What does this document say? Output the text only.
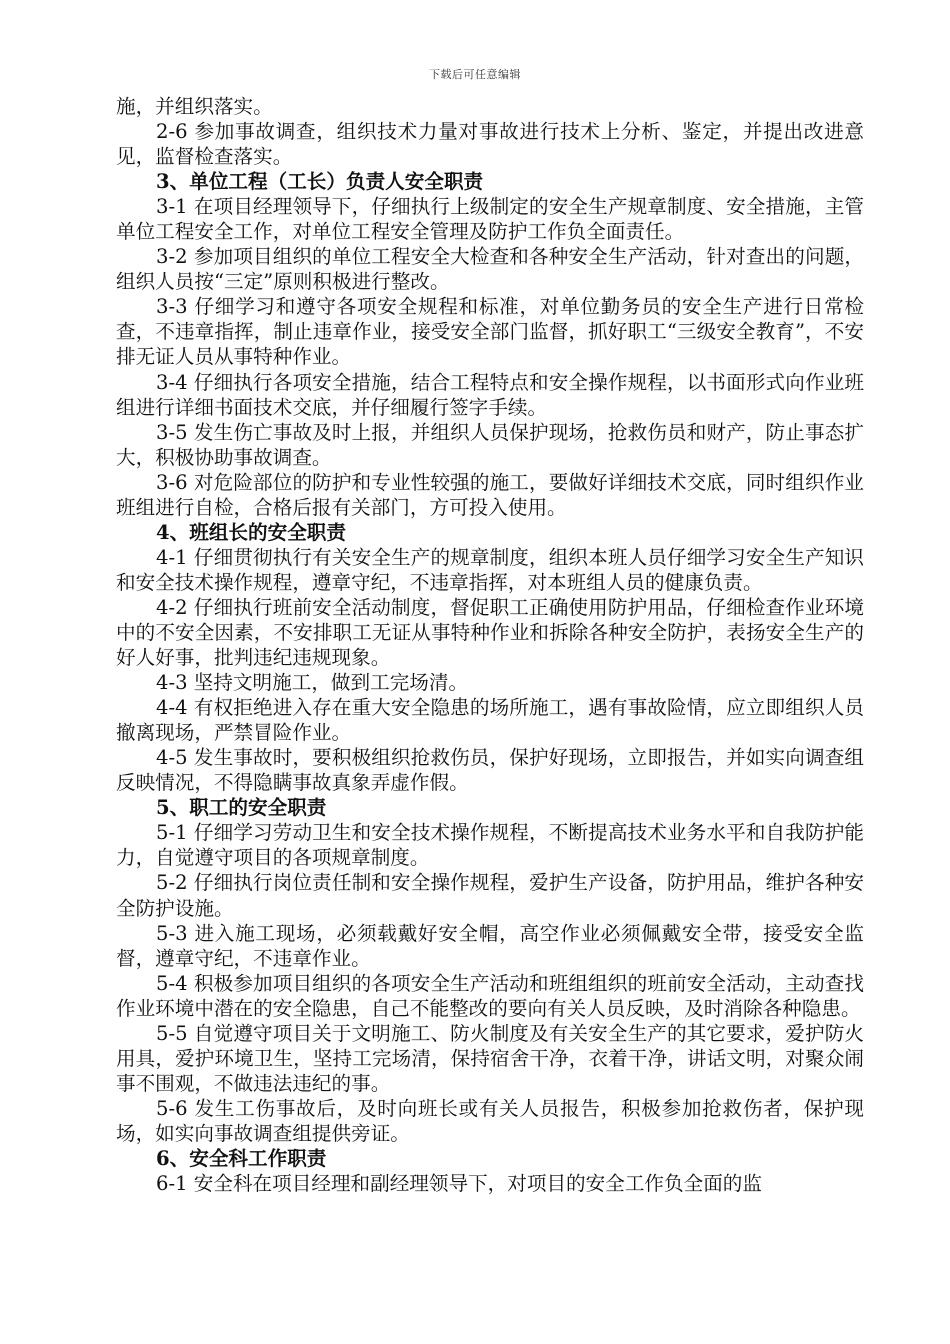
下载后可任意编辑

施，并组织落实。

2-6 参加事故调查，组织技术力量对事故进行技术上分析、鉴定，并提出改进意见，监督检查落实。

3、单位工程（工长）负责人安全职责

3-1 在项目经理领导下，仔细执行上级制定的安全生产规章制度、安全措施，主管单位工程安全工作，对单位工程安全管理及防护工作负全面责任。

3-2 参加项目组织的单位工程安全大检查和各种安全生产活动，针对查出的问题，组织人员按“三定”原则积极进行整改。

3-3 仔细学习和遵守各项安全规程和标准，对单位勤务员的安全生产进行日常检查，不违章指挥，制止违章作业，接受安全部门监督，抓好职工“三级安全教育”，不安排无证人员从事特种作业。

3-4 仔细执行各项安全措施，结合工程特点和安全操作规程，以书面形式向作业班组进行详细书面技术交底，并仔细履行签字手续。

3-5 发生伤亡事故及时上报，并组织人员保护现场，抢救伤员和财产，防止事态扩大，积极协助事故调查。

3-6 对危险部位的防护和专业性较强的施工，要做好详细技术交底，同时组织作业班组进行自检，合格后报有关部门，方可投入使用。

4、班组长的安全职责

4-1 仔细贯彻执行有关安全生产的规章制度，组织本班人员仔细学习安全生产知识和安全技术操作规程，遵章守纪，不违章指挥，对本班组人员的健康负责。

4-2 仔细执行班前安全活动制度，督促职工正确使用防护用品，仔细检查作业环境中的不安全因素，不安排职工无证从事特种作业和拆除各种安全防护，表扬安全生产的好人好事，批判违纪违规现象。

4-3 坚持文明施工，做到工完场清。

4-4 有权拒绝进入存在重大安全隐患的场所施工，遇有事故险情，应立即组织人员撤离现场，严禁冒险作业。

4-5 发生事故时，要积极组织抢救伤员，保护好现场，立即报告，并如实向调查组反映情况，不得隐瞒事故真象弄虚作假。

5、职工的安全职责

5-1 仔细学习劳动卫生和安全技术操作规程，不断提高技术业务水平和自我防护能力，自觉遵守项目的各项规章制度。

5-2 仔细执行岗位责任制和安全操作规程，爱护生产设备，防护用品，维护各种安全防护设施。

5-3 进入施工现场，必须载戴好安全帽，高空作业必须佩戴安全带，接受安全监督，遵章守纪，不违章作业。

5-4 积极参加项目组织的各项安全生产活动和班组组织的班前安全活动，主动查找作业环境中潜在的安全隐患，自己不能整改的要向有关人员反映，及时消除各种隐患。

5-5 自觉遵守项目关于文明施工、防火制度及有关安全生产的其它要求，爱护防火用具，爱护环境卫生，坚持工完场清，保持宿舍干净，衣着干净，讲话文明，对聚众闹事不围观，不做违法违纪的事。

5-6 发生工伤事故后，及时向班长或有关人员报告，积极参加抢救伤者，保护现场，如实向事故调查组提供旁证。

6、安全科工作职责

6-1 安全科在项目经理和副经理领导下，对项目的安全工作负全面的监
